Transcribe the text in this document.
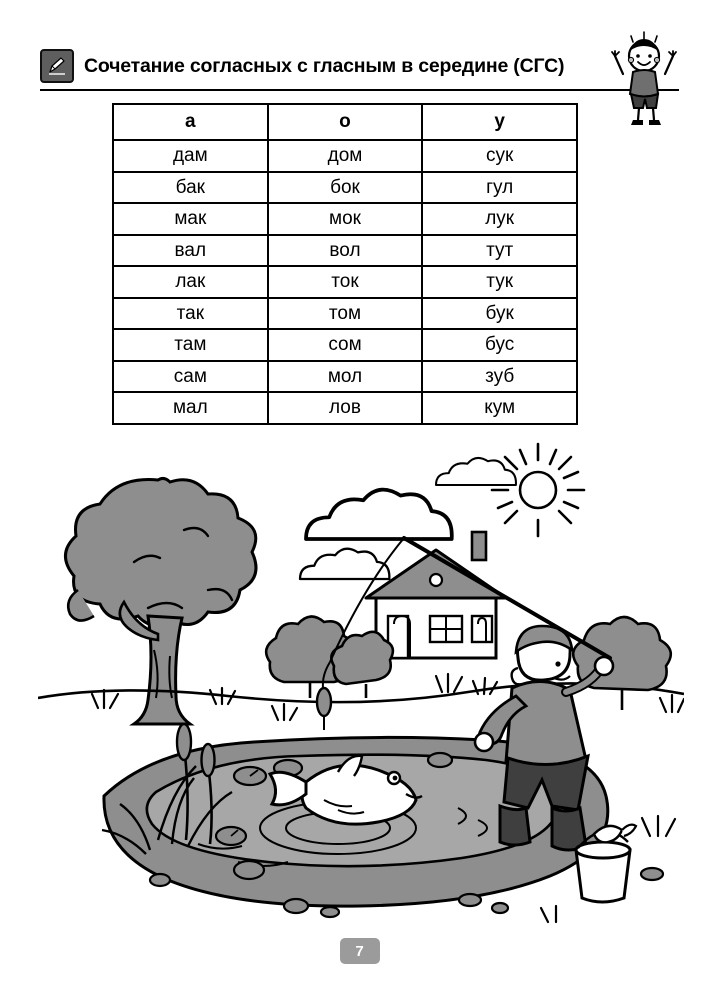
Сочетание согласных с гласным в середине (СГС)
а	о	у
дам	дом	сук
бак	бок	гул
мак	мок	лук
вал	вол	тут
лак	ток	тук
так	том	бук
там	сом	бус
сам	мол	зуб
мал	лов	кум
7
